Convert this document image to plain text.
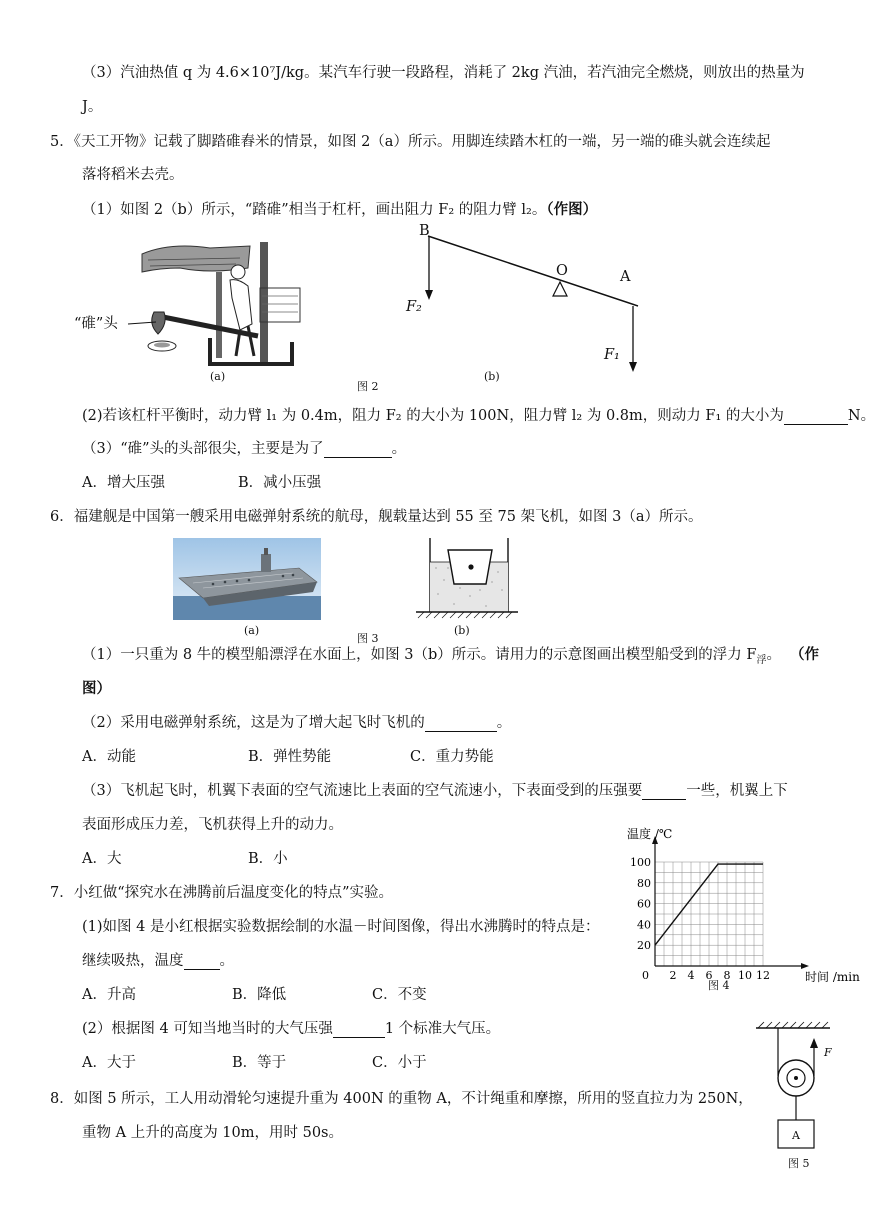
（3）汽油热值 q 为 4.6×10⁷J/kg。某汽车行驶一段路程，消耗了 2kg 汽油，若汽油完全燃烧，则放出的热量为
J。
5．《天工开物》记载了脚踏碓舂米的情景，如图 2（a）所示。用脚连续踏木杠的一端，另一端的碓头就会连续起
落将稻米去壳。
（1）如图 2（b）所示，“踏碓”相当于杠杆，画出阻力 F₂ 的阻力臂 l₂。（作图）
“碓”头
(a)
B
O	A
F₂
F₁
(b)
图 2
(2)若该杠杆平衡时，动力臂 l₁ 为 0.4m，阻力 F₂ 的大小为 100N，阻力臂 l₂ 为 0.8m，则动力 F₁ 的大小为	N。
（3）“碓”头的头部很尖，主要是为了	。
A．增大压强	B．减小压强
6．福建舰是中国第一艘采用电磁弹射系统的航母，舰载量达到 55 至 75 架飞机，如图 3（a）所示。
(a)	(b)
图 3
（1）一只重为 8 牛的模型船漂浮在水面上，如图 3（b）所示。请用力的示意图画出模型船受到的浮力 $F_浮$。 （作
图）
（2）采用电磁弹射系统，这是为了增大起飞时飞机的	。
A．动能	B．弹性势能	C．重力势能
（3）飞机起飞时，机翼下表面的空气流速比上表面的空气流速小，下表面受到的压强要	一些，机翼上下
表面形成压力差，飞机获得上升的动力。
A．大	B．小
7．小红做“探究水在沸腾前后温度变化的特点”实验。
(1)如图 4 是小红根据实验数据绘制的水温－时间图像，得出水沸腾时的特点是：
继续吸热，温度 。
A．升高	B．降低	C．不变
(2）根据图 4 可知当地当时的大气压强	1 个标准大气压。
A．大于	B．等于	C．小于
2 4 6 8 10 12
20
40
60
80
100
0
温度 /℃
时间 /min
图 4
8．如图 5 所示，工人用动滑轮匀速提升重为 400N 的重物 A，不计绳重和摩擦，所用的竖直拉力为 250N，
重物 A 上升的高度为 10m，用时 50s。
F
A
图 5
